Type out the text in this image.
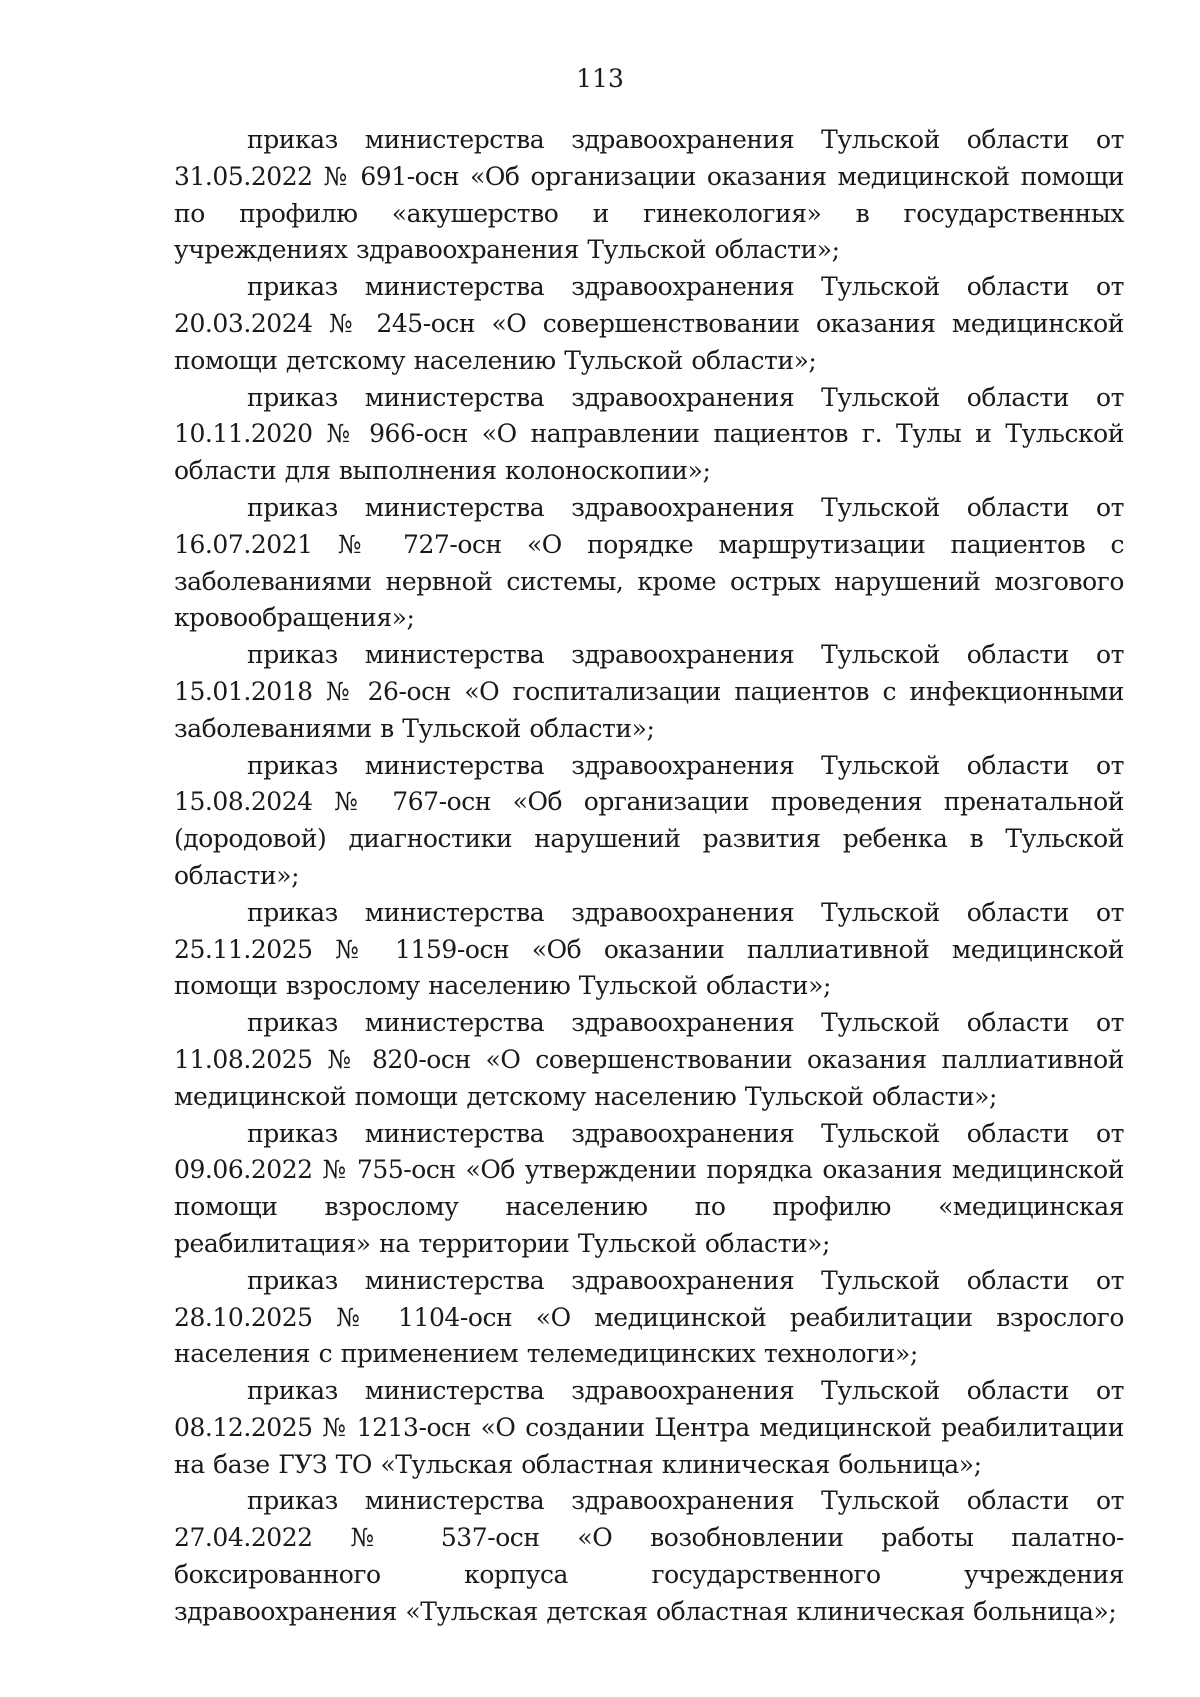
113

приказ министерства здравоохранения Тульской области от 31.05.2022 № 691-осн «Об организации оказания медицинской помощи по профилю «акушерство и гинекология» в государственных учреждениях здравоохранения Тульской области»;

приказ министерства здравоохранения Тульской области от 20.03.2024 № 245-осн «О совершенствовании оказания медицинской помощи детскому населению Тульской области»;

приказ министерства здравоохранения Тульской области от 10.11.2020 № 966-осн «О направлении пациентов г. Тулы и Тульской области для выполнения колоноскопии»;

приказ министерства здравоохранения Тульской области от 16.07.2021 № 727-осн «О порядке маршрутизации пациентов с заболеваниями нервной системы, кроме острых нарушений мозгового кровообращения»;

приказ министерства здравоохранения Тульской области от 15.01.2018 № 26-осн «О госпитализации пациентов с инфекционными заболеваниями в Тульской области»;

приказ министерства здравоохранения Тульской области от 15.08.2024 № 767-осн «Об организации проведения пренатальной (дородовой) диагностики нарушений развития ребенка в Тульской области»;

приказ министерства здравоохранения Тульской области от 25.11.2025 № 1159-осн «Об оказании паллиативной медицинской помощи взрослому населению Тульской области»;

приказ министерства здравоохранения Тульской области от 11.08.2025 № 820-осн «О совершенствовании оказания паллиативной медицинской помощи детскому населению Тульской области»;

приказ министерства здравоохранения Тульской области от 09.06.2022 № 755-осн «Об утверждении порядка оказания медицинской помощи взрослому населению по профилю «медицинская реабилитация» на территории Тульской области»;

приказ министерства здравоохранения Тульской области от 28.10.2025 № 1104-осн «О медицинской реабилитации взрослого населения с применением телемедицинских технологи»;

приказ министерства здравоохранения Тульской области от 08.12.2025 № 1213-осн «О создании Центра медицинской реабилитации на базе ГУЗ ТО «Тульская областная клиническая больница»;

приказ министерства здравоохранения Тульской области от 27.04.2022 № 537-осн «О возобновлении работы палатно-боксированного корпуса государственного учреждения здравоохранения «Тульская детская областная клиническая больница»;
